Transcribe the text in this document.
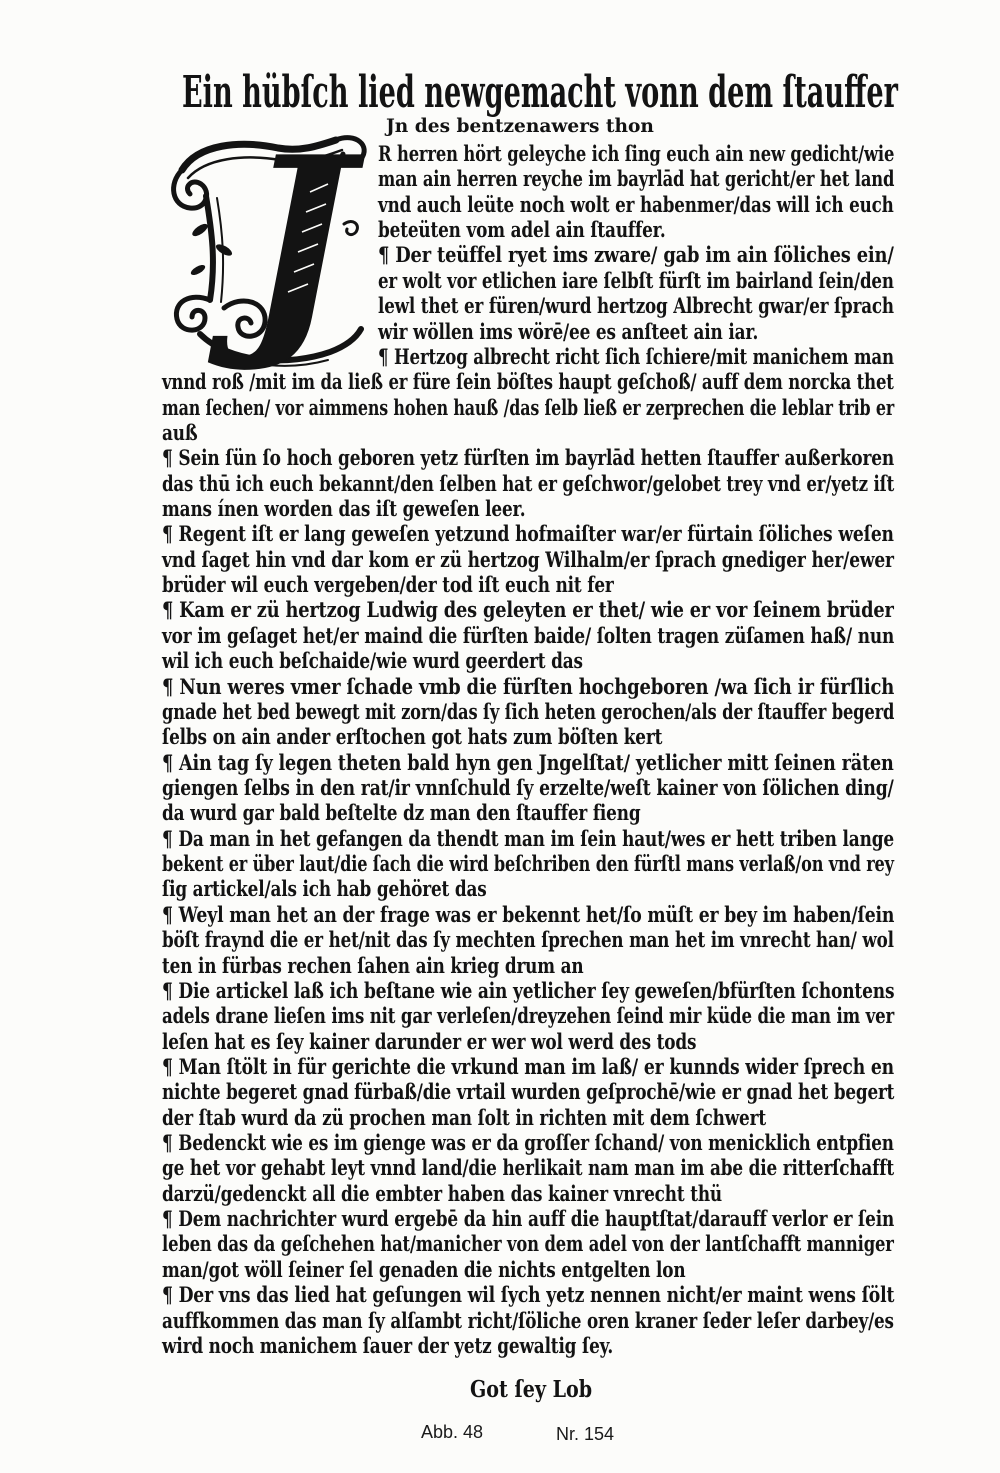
Ein hübſch lied newgemacht vonn dem ſtauffer
Jn des bentzenawers thon
J	R herren hört geleyche ich ſing euch ain new gedicht/wie
man ain herren reyche im bayrlād hat gericht/er het land
vnd auch leüte noch wolt er habenmer/das will ich euch
beteüten vom adel ain ſtauffer.
¶ Der teüffel ryet ims zware/ gab im ain ſöliches ein/
er wolt vor etlichen iare ſelbſt fürſt im bairland ſein/den
lewl thet er füren/wurd hertzog Albrecht gwar/er ſprach
wir wöllen ims wörē/ee es anſteet ain iar.
¶ Hertzog albrecht richt ſich ſchiere/mit manichem man
vnnd roß /mit im da ließ er füre ſein böſtes haupt geſchoß/ auff dem norcka thet
man ſechen/ vor aimmens hohen hauß /das ſelb ließ er zerprechen die leblar trib er
auß
¶ Sein ſün ſo hoch geboren yetz fürſten im bayrlād hetten ſtauffer außerkoren
das thū ich euch bekannt/den ſelben hat er geſchwor/gelobet trey vnd er/yetz iſt
mans ínen worden das iſt geweſen leer.
¶ Regent iſt er lang geweſen yetzund hofmaiſter war/er fürtain ſöliches weſen
vnd ſaget hin vnd dar kom er zü hertzog Wilhalm/er ſprach gnediger her/ewer
brüder wil euch vergeben/der tod iſt euch nit fer
¶ Kam er zü hertzog Ludwig des geleyten er thet/ wie er vor ſeinem brüder
vor im geſaget het/er maind die fürſten baide/ ſolten tragen züſamen haß/ nun
wil ich euch beſchaide/wie wurd geerdert das
¶ Nun weres vmer ſchade vmb die fürſten hochgeboren /wa ſich ir fürſlich
gnade het bed bewegt mit zorn/das ſy ſich heten gerochen/als der ſtauffer begerd
ſelbs on ain ander erſtochen got hats zum böſten kert
¶ Ain tag ſy legen theten bald hyn gen Jngelſtat/ yetlicher mitt ſeinen räten
giengen ſelbs in den rat/ir vnnſchuld ſy erzelte/weſt kainer von ſölichen ding/
da wurd gar bald beſtelte dz man den ſtauffer fieng
¶ Da man in het gefangen da thendt man im ſein haut/wes er hett triben lange
bekent er über laut/die ſach die wird beſchriben den fürſtl mans verlaß/on vnd rey
ſig artickel/als ich hab gehöret das
¶ Weyl man het an der frage was er bekennt het/ſo müſt er bey im haben/ſein
böſt fraynd die er het/nit das ſy mechten ſprechen man het im vnrecht han/ wol
ten in fürbas rechen ſahen ain krieg drum an
¶ Die artickel laß ich beſtane wie ain yetlicher ſey geweſen/bfürſten ſchontens
adels drane lieſen ims nit gar verleſen/dreyzehen ſeind mir küde die man im ver
leſen hat es ſey kainer darunder er wer wol werd des tods
¶ Man ſtölt in für gerichte die vrkund man im laß/ er kunnds wider ſprech en
nichte begeret gnad fürbaß/die vrtail wurden geſprochē/wie er gnad het begert
der ſtab wurd da zü prochen man ſolt in richten mit dem ſchwert
¶ Bedenckt wie es im gienge was er da groſſer ſchand/ von menicklich entpfien
ge het vor gehabt leyt vnnd land/die herlikait nam man im abe die ritterſchafft
darzü/gedenckt all die embter haben das kainer vnrecht thü
¶ Dem nachrichter wurd ergebē da hin auff die hauptſtat/darauff verlor er ſein
leben das da geſchehen hat/manicher von dem adel von der lantſchafft manniger
man/got wöll ſeiner ſel genaden die nichts entgelten lon
¶ Der vns das lied hat geſungen wil ſych yetz nennen nicht/er maint wens ſölt
auffkommen das man ſy alſambt richt/ſöliche oren kraner ſeder leſer darbey/es
wird noch manichem ſauer der yetz gewaltig ſey.
Got ſey Lob
Abb. 48	Nr. 154
